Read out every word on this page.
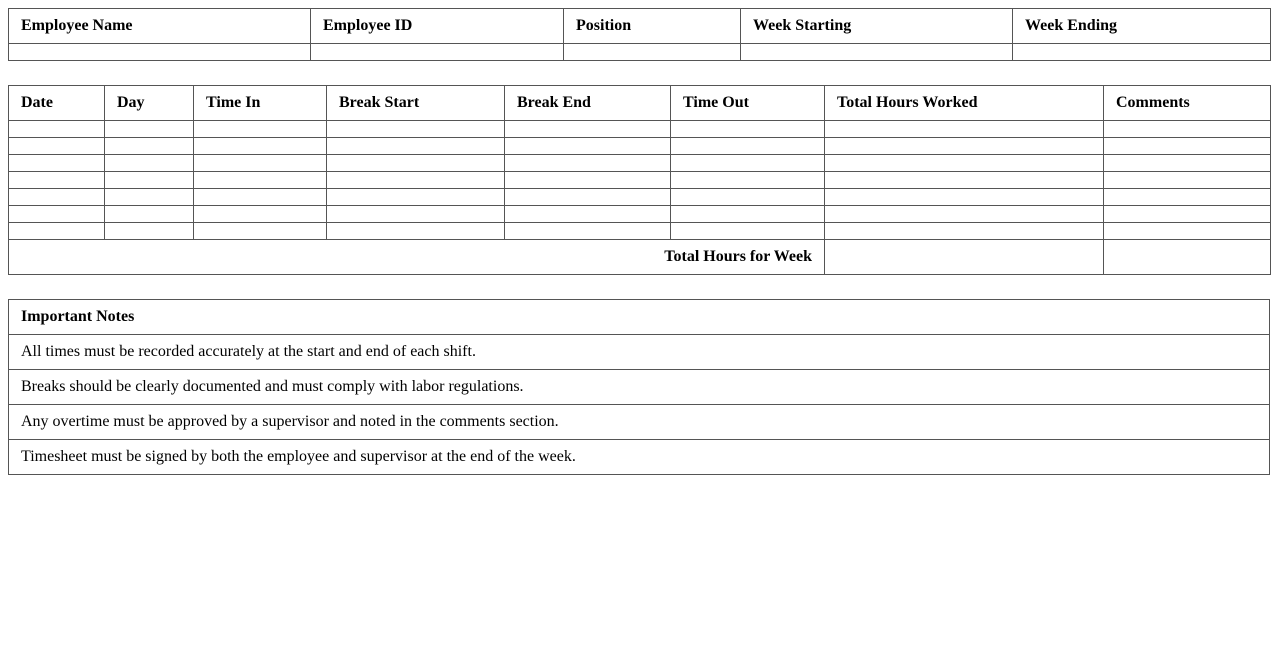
Employee Name	Employee ID	Position	Week Starting	Week Ending

Date	Day	Time In	Break Start	Break End	Time Out	Total Hours Worked	Comments

Total Hours for Week							
Important Notes
All times must be recorded accurately at the start and end of each shift.
Breaks should be clearly documented and must comply with labor regulations.
Any overtime must be approved by a supervisor and noted in the comments section.
Timesheet must be signed by both the employee and supervisor at the end of the week.
